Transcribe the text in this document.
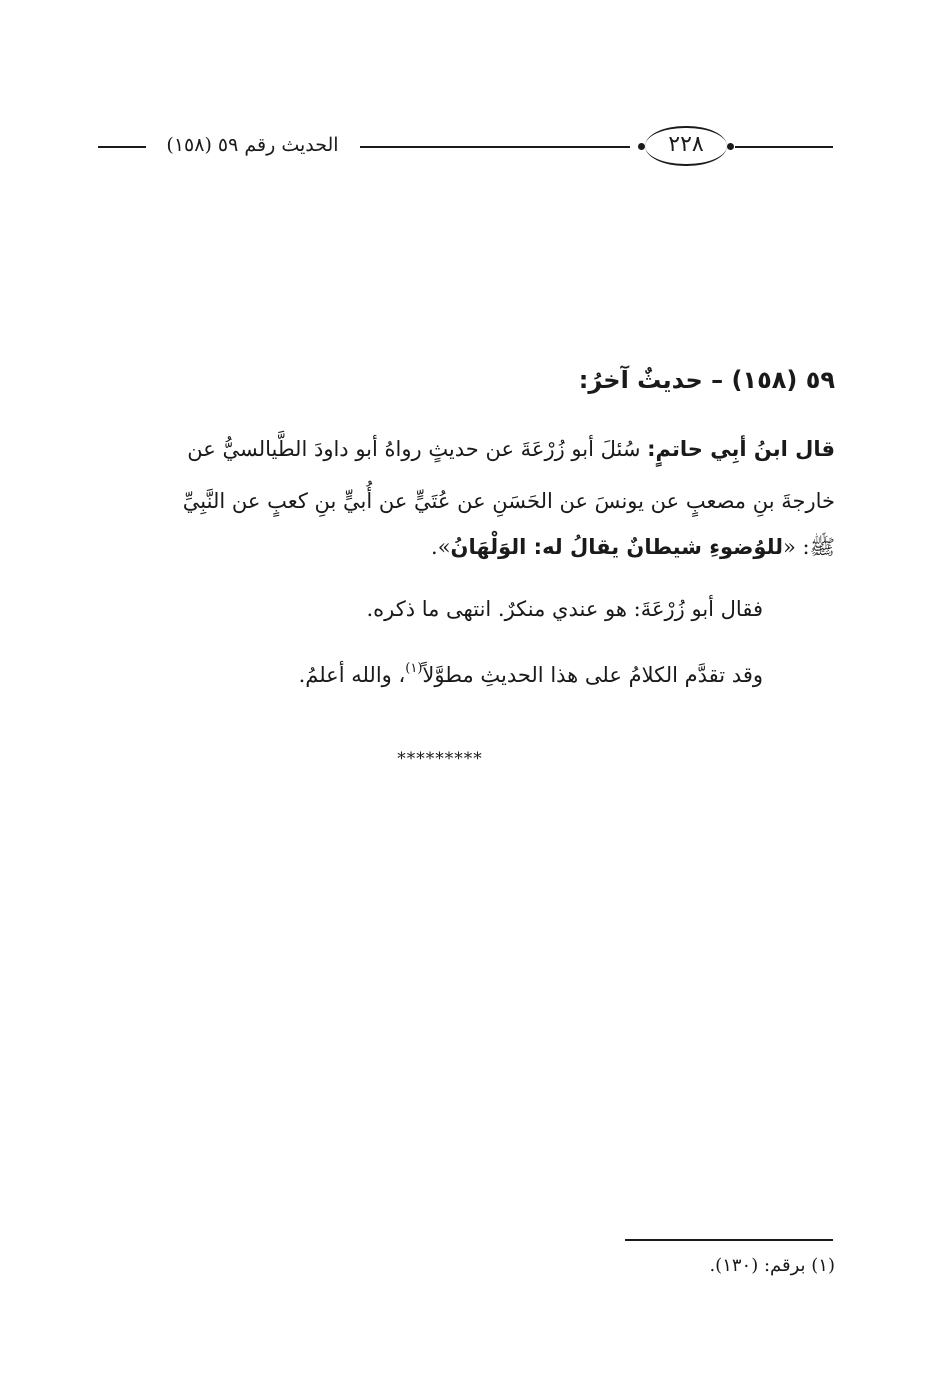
الحديث رقم ٥٩ (١٥٨)	٢٢٨
٥٩ (١٥٨) – حديثٌ آخرُ:
قال ابنُ أبِي حاتمٍ: سُئلَ أبو زُرْعَةَ عن حديثٍ رواهُ أبو داودَ الطَّيالسيُّ عن
خارجةَ بنِ مصعبٍ عن يونسَ عن الحَسَنِ عن عُتَيٍّ عن أُبيٍّ بنِ كعبٍ عن النَّبِيِّ
ﷺ: «للوُضوءِ شيطانٌ يقالُ له: الوَلْهَانُ».
فقال أبو زُرْعَةَ: هو عندي منكرٌ. انتهى ما ذكره.
وقد تقدَّم الكلامُ على هذا الحديثِ مطوَّلاً$^{(١)}$، والله أعلمُ.
*********
(١) برقم: (١٣٠).
